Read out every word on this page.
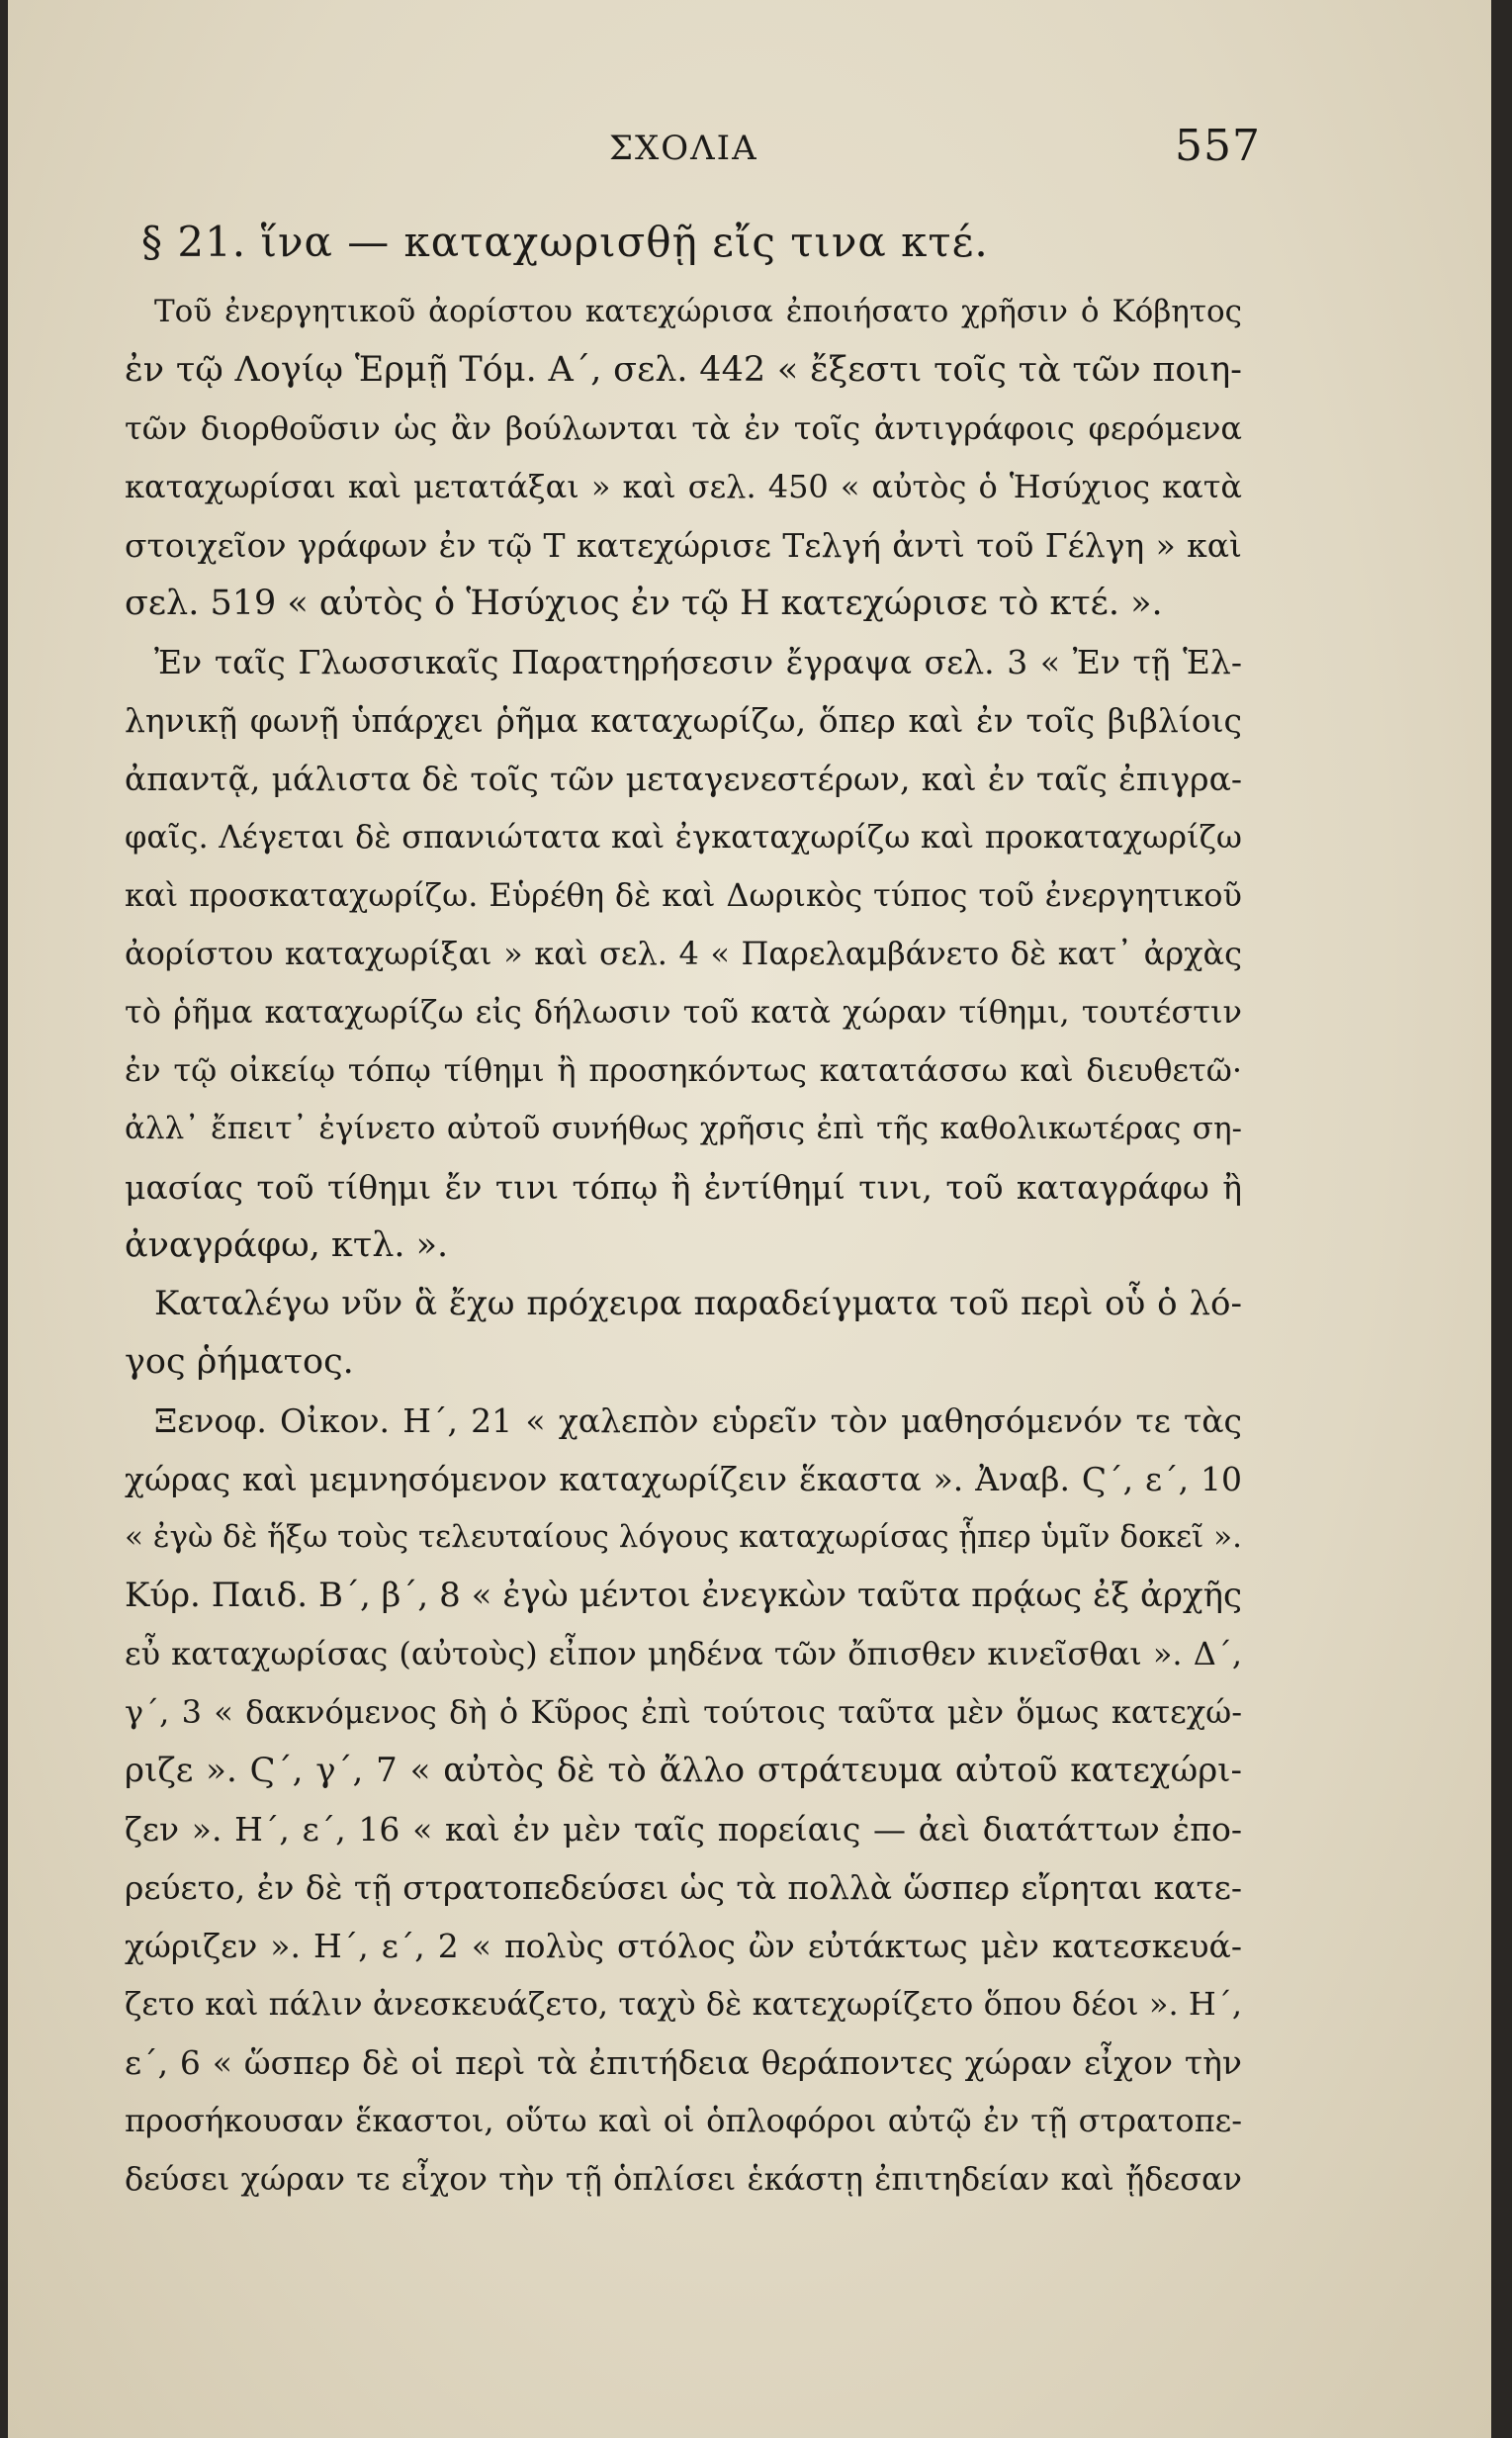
ΣΧΟΛΙΑ	557
§ 21. ἵνα — καταχωρισθῇ εἴς τινα κτέ.
Τοῦ ἐνεργητικοῦ ἀορίστου κατεχώρισα ἐποιήσατο χρῆσιν ὁ Κόβητος
ἐν τῷ Λογίῳ Ἑρμῇ Τόμ. Α΄, σελ. 442 « ἔξεστι τοῖς τὰ τῶν ποιη-
τῶν διορθοῦσιν ὡς ἂν βούλωνται τὰ ἐν τοῖς ἀντιγράφοις φερόμενα
καταχωρίσαι καὶ μετατάξαι » καὶ σελ. 450 « αὐτὸς ὁ Ἡσύχιος κατὰ
στοιχεῖον γράφων ἐν τῷ Τ κατεχώρισε Τελγή ἀντὶ τοῦ Γέλγη » καὶ
σελ. 519 « αὐτὸς ὁ Ἡσύχιος ἐν τῷ Η κατεχώρισε τὸ κτέ. ».
Ἐν ταῖς Γλωσσικαῖς Παρατηρήσεσιν ἔγραψα σελ. 3 « Ἐν τῇ Ἑλ-
ληνικῇ φωνῇ ὑπάρχει ῥῆμα καταχωρίζω, ὅπερ καὶ ἐν τοῖς βιβλίοις
ἀπαντᾷ, μάλιστα δὲ τοῖς τῶν μεταγενεστέρων, καὶ ἐν ταῖς ἐπιγρα-
φαῖς. Λέγεται δὲ σπανιώτατα καὶ ἐγκαταχωρίζω καὶ προκαταχωρίζω
καὶ προσκαταχωρίζω. Εὑρέθη δὲ καὶ Δωρικὸς τύπος τοῦ ἐνεργητικοῦ
ἀορίστου καταχωρίξαι » καὶ σελ. 4 « Παρελαμβάνετο δὲ κατ᾽ ἀρχὰς
τὸ ῥῆμα καταχωρίζω εἰς δήλωσιν τοῦ κατὰ χώραν τίθημι, τουτέστιν
ἐν τῷ οἰκείῳ τόπῳ τίθημι ἢ προσηκόντως κατατάσσω καὶ διευθετῶ·
ἀλλ᾽ ἔπειτ᾽ ἐγίνετο αὐτοῦ συνήθως χρῆσις ἐπὶ τῆς καθολικωτέρας ση-
μασίας τοῦ τίθημι ἔν τινι τόπῳ ἢ ἐντίθημί τινι, τοῦ καταγράφω ἢ
ἀναγράφω, κτλ. ».
Καταλέγω νῦν ἃ ἔχω πρόχειρα παραδείγματα τοῦ περὶ οὗ ὁ λό-
γος ῥήματος.
Ξενοφ. Οἰκον. Η΄, 21 « χαλεπὸν εὑρεῖν τὸν μαθησόμενόν τε τὰς
χώρας καὶ μεμνησόμενον καταχωρίζειν ἕκαστα ». Ἀναβ. Ϛ΄, ε΄, 10
« ἐγὼ δὲ ἥξω τοὺς τελευταίους λόγους καταχωρίσας ᾗπερ ὑμῖν δοκεῖ ».
Κύρ. Παιδ. Β΄, β΄, 8 « ἐγὼ μέντοι ἐνεγκὼν ταῦτα πρᾴως ἐξ ἀρχῆς
εὖ καταχωρίσας (αὐτοὺς) εἶπον μηδένα τῶν ὄπισθεν κινεῖσθαι ». Δ΄,
γ΄, 3 « δακνόμενος δὴ ὁ Κῦρος ἐπὶ τούτοις ταῦτα μὲν ὅμως κατεχώ-
ριζε ». Ϛ΄, γ΄, 7 « αὐτὸς δὲ τὸ ἄλλο στράτευμα αὐτοῦ κατεχώρι-
ζεν ». Η΄, ε΄, 16 « καὶ ἐν μὲν ταῖς πορείαις — ἀεὶ διατάττων ἐπο-
ρεύετο, ἐν δὲ τῇ στρατοπεδεύσει ὡς τὰ πολλὰ ὥσπερ εἴρηται κατε-
χώριζεν ». Η΄, ε΄, 2 « πολὺς στόλος ὢν εὐτάκτως μὲν κατεσκευά-
ζετο καὶ πάλιν ἀνεσκευάζετο, ταχὺ δὲ κατεχωρίζετο ὅπου δέοι ». Η΄,
ε΄, 6 « ὥσπερ δὲ οἱ περὶ τὰ ἐπιτήδεια θεράποντες χώραν εἶχον τὴν
προσήκουσαν ἕκαστοι, οὕτω καὶ οἱ ὁπλοφόροι αὐτῷ ἐν τῇ στρατοπε-
δεύσει χώραν τε εἶχον τὴν τῇ ὁπλίσει ἑκάστῃ ἐπιτηδείαν καὶ ᾔδεσαν
